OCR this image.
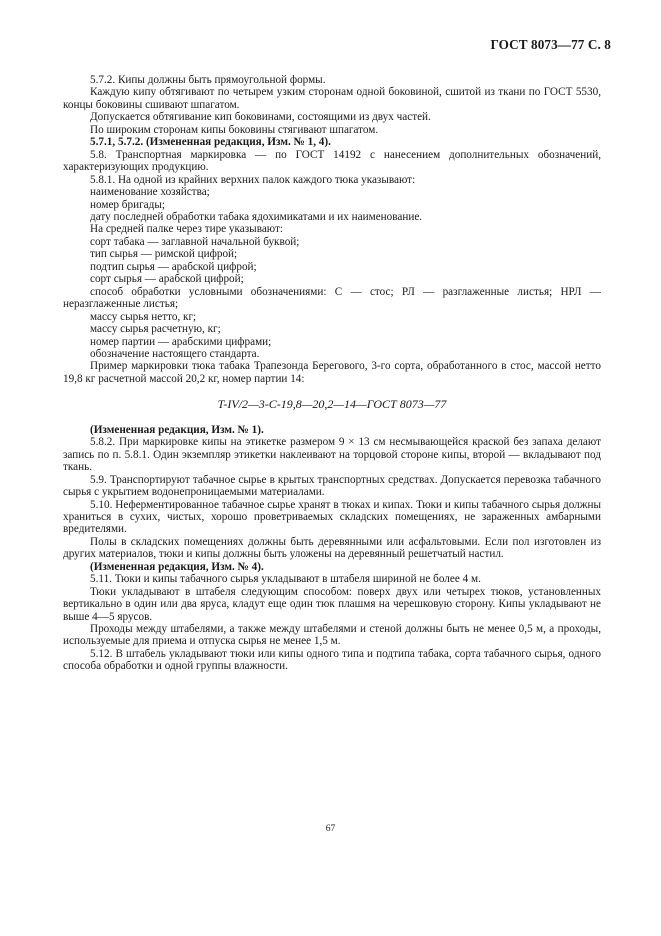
ГОСТ 8073—77 С. 8

5.7.2. Кипы должны быть прямоугольной формы.

Каждую кипу обтягивают по четырем узким сторонам одной боковиной, сшитой из ткани по ГОСТ 5530, концы боковины сшивают шпагатом.

Допускается обтягивание кип боковинами, состоящими из двух частей.

По широким сторонам кипы боковины стягивают шпагатом.

5.7.1, 5.7.2. (Измененная редакция, Изм. № 1, 4).

5.8. Транспортная маркировка — по ГОСТ 14192 с нанесением дополнительных обозначений, характеризующих продукцию.

5.8.1. На одной из крайних верхних палок каждого тюка указывают:

наименование хозяйства;

номер бригады;

дату последней обработки табака ядохимикатами и их наименование.

На средней палке через тире указывают:

сорт табака — заглавной начальной буквой;

тип сырья — римской цифрой;

подтип сырья — арабской цифрой;

сорт сырья — арабской цифрой;

способ обработки условными обозначениями: С — стос; РЛ — разглаженные листья; НРЛ — неразглаженные листья;

массу сырья нетто, кг;

массу сырья расчетную, кг;

номер партии — арабскими цифрами;

обозначение настоящего стандарта.

Пример маркировки тюка табака Трапезонда Берегового, 3-го сорта, обработанного в стос, массой нетто 19,8 кг расчетной массой 20,2 кг, номер партии 14:

T-IV/2—3-С-19,8—20,2—14—ГОСТ 8073—77

(Измененная редакция, Изм. № 1).

5.8.2. При маркировке кипы на этикетке размером 9 × 13 см несмывающейся краской без запаха делают запись по п. 5.8.1. Один экземпляр этикетки наклеивают на торцовой стороне кипы, второй — вкладывают под ткань.

5.9. Транспортируют табачное сырье в крытых транспортных средствах. Допускается перевозка табачного сырья с укрытием водонепроницаемыми материалами.

5.10. Неферментированное табачное сырье хранят в тюках и кипах. Тюки и кипы табачного сырья должны храниться в сухих, чистых, хорошо проветриваемых складских помещениях, не зараженных амбарными вредителями.

Полы в складских помещениях должны быть деревянными или асфальтовыми. Если пол изготовлен из других материалов, тюки и кипы должны быть уложены на деревянный решетчатый настил.

(Измененная редакция, Изм. № 4).

5.11. Тюки и кипы табачного сырья укладывают в штабеля шириной не более 4 м.

Тюки укладывают в штабеля следующим способом: поверх двух или четырех тюков, установленных вертикально в один или два яруса, кладут еще один тюк плашмя на черешковую сторону. Кипы укладывают не выше 4—5 ярусов.

Проходы между штабелями, а также между штабелями и стеной должны быть не менее 0,5 м, а проходы, используемые для приема и отпуска сырья не менее 1,5 м.

5.12. В штабель укладывают тюки или кипы одного типа и подтипа табака, сорта табачного сырья, одного способа обработки и одной группы влажности.

67
